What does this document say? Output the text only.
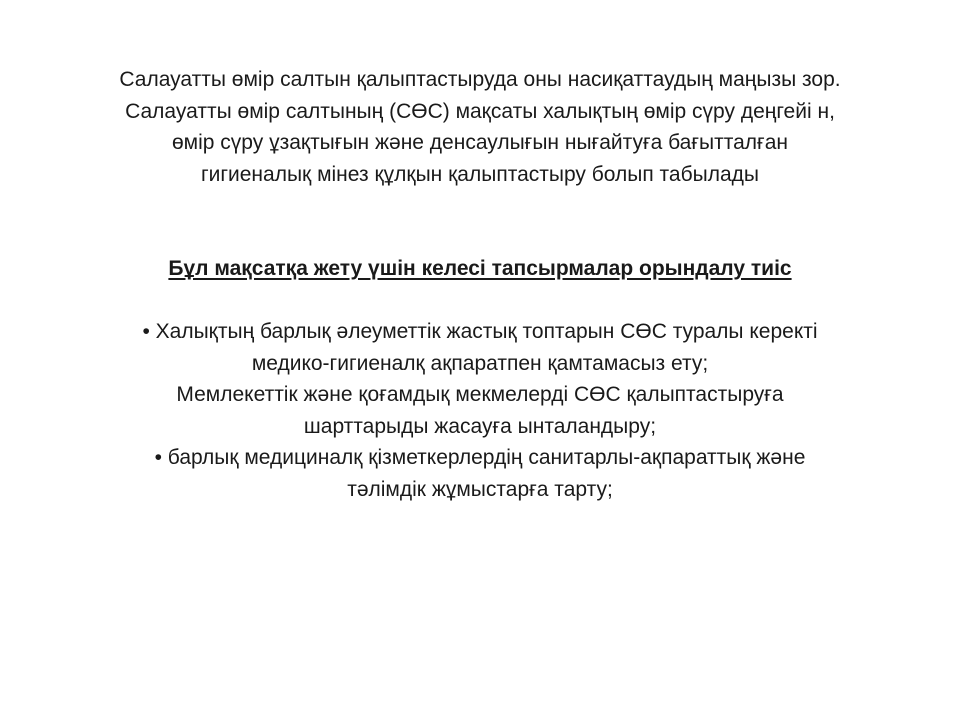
Салауатты өмір салтын қалыптастыруда оны насиқаттаудың маңызы зор.
Салауатты өмір салтының (СӨС) мақсаты халықтың өмір сүру деңгейі н,
өмір сүру ұзақтығын және денсаулығын нығайтуға бағытталған
гигиеналық мінез құлқын қалыптастыру болып табылады
Бұл мақсатқа жету үшін келесі тапсырмалар орындалу тиіс
• Халықтың барлық әлеуметтік жастық топтарын СӨС туралы керекті
медико-гигиеналқ ақпаратпен қамтамасыз ету;
Мемлекеттік және қоғамдық мекмелерді СӨС қалыптастыруға
шарттарыды жасауға ынталандыру;
• барлық медициналқ қізметкерлердің санитарлы-ақпараттық және
тәлімдік жұмыстарға тарту;
